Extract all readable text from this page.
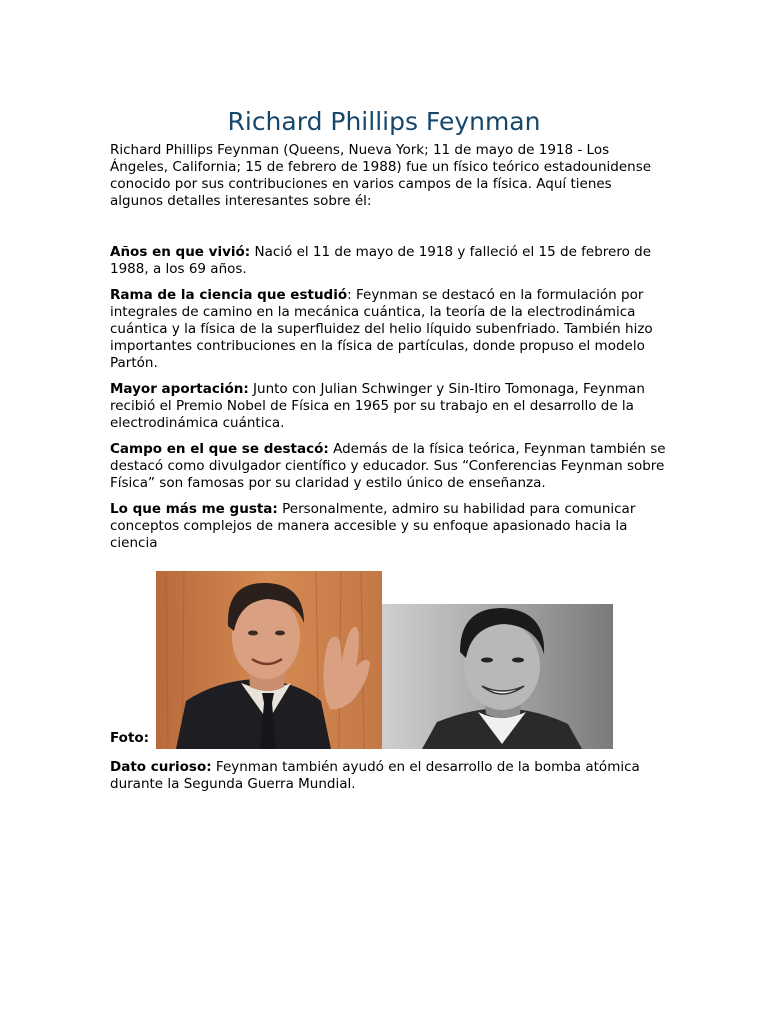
Richard Phillips Feynman

Richard Phillips Feynman (Queens, Nueva York; 11 de mayo de 1918 - Los Ángeles, California; 15 de febrero de 1988) fue un físico teórico estadounidense conocido por sus contribuciones en varios campos de la física. Aquí tienes algunos detalles interesantes sobre él:

Años en que vivió: Nació el 11 de mayo de 1918 y falleció el 15 de febrero de 1988, a los 69 años.

Rama de la ciencia que estudió: Feynman se destacó en la formulación por integrales de camino en la mecánica cuántica, la teoría de la electrodinámica cuántica y la física de la superfluidez del helio líquido subenfriado. También hizo importantes contribuciones en la física de partículas, donde propuso el modelo Partón.

Mayor aportación: Junto con Julian Schwinger y Sin-Itiro Tomonaga, Feynman recibió el Premio Nobel de Física en 1965 por su trabajo en el desarrollo de la electrodinámica cuántica.

Campo en el que se destacó: Además de la física teórica, Feynman también se destacó como divulgador científico y educador. Sus “Conferencias Feynman sobre Física” son famosas por su claridad y estilo único de enseñanza.

Lo que más me gusta: Personalmente, admiro su habilidad para comunicar conceptos complejos de manera accesible y su enfoque apasionado hacia la ciencia

Foto:

Dato curioso: Feynman también ayudó en el desarrollo de la bomba atómica durante la Segunda Guerra Mundial.
